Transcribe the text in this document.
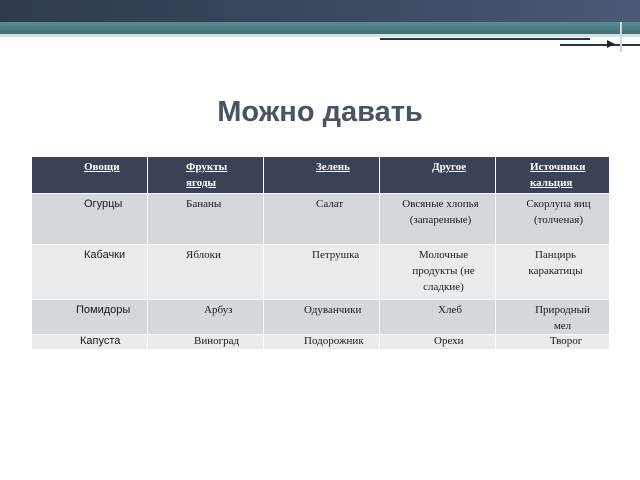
Можно давать
Овощи	Фрукты ягоды	Зелень	Другое	Источники кальция

Огурцы	Бананы	Салат	Овсяные хлопья (запаренные)	Скорлупа яиц (толченая)

Кабачки	Яблоки	Петрушка	Молочные продукты (не сладкие)	Панцирь каракатицы

Помидоры	Арбуз	Одуванчики	Хлеб	Природный мел

Капуста	Виноград	Подорожник	Орехи	Творог
